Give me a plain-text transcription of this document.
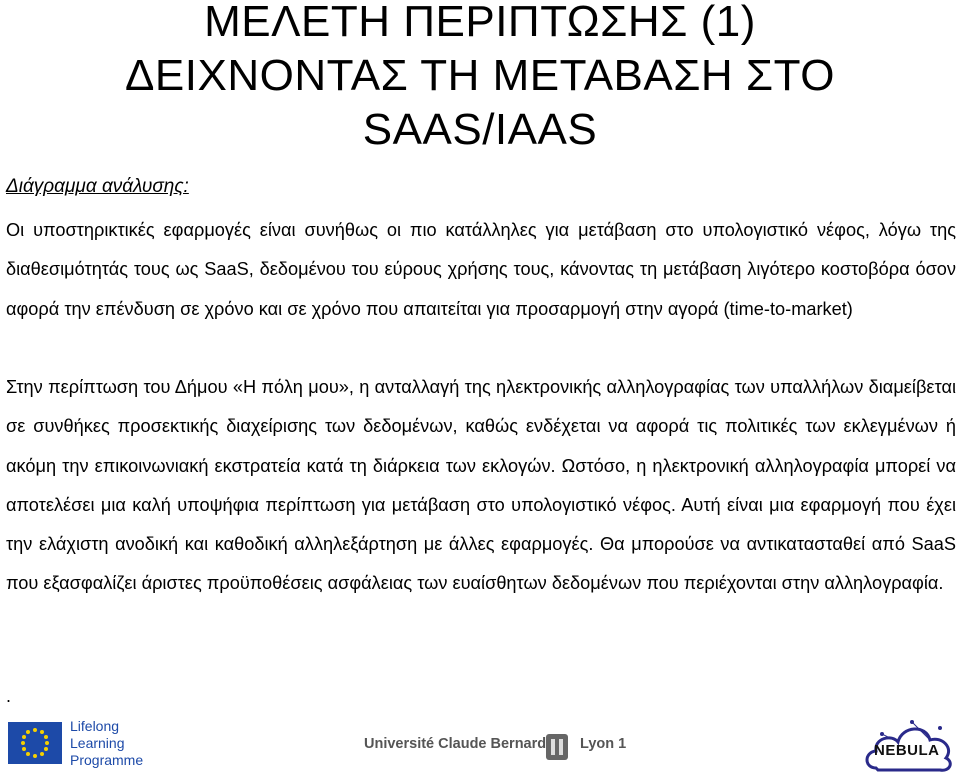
ΜΕΛΕΤΗ ΠΕΡΙΠΤΩΣΗΣ (1)
ΔΕΙΧΝΟΝΤΑΣ ΤΗ ΜΕΤΑΒΑΣΗ ΣΤΟ
SAAS/IAAS
Διάγραμμα ανάλυσης:

Οι υποστηρικτικές εφαρμογές είναι συνήθως οι πιο κατάλληλες για μετάβαση στο υπολογιστικό νέφος, λόγω της διαθεσιμότητάς τους ως SaaS, δεδομένου του εύρους χρήσης τους, κάνοντας τη μετάβαση λιγότερο κοστοβόρα όσον αφορά την επένδυση σε χρόνο και σε χρόνο που απαιτείται για προσαρμογή στην αγορά (time-to-market)

Στην περίπτωση του Δήμου «Η πόλη μου», η ανταλλαγή της ηλεκτρονικής αλληλογραφίας των υπαλλήλων διαμείβεται σε συνθήκες προσεκτικής διαχείρισης των δεδομένων, καθώς ενδέχεται να αφορά τις πολιτικές των εκλεγμένων ή ακόμη την επικοινωνιακή εκστρατεία κατά τη διάρκεια των εκλογών. Ωστόσο, η ηλεκτρονική αλληλογραφία μπορεί να αποτελέσει μια καλή υποψήφια περίπτωση για μετάβαση στο υπολογιστικό νέφος. Αυτή είναι μια εφαρμογή που έχει την ελάχιστη ανοδική και καθοδική αλληλεξάρτηση με άλλες εφαρμογές. Θα μπορούσε να αντικατασταθεί από SaaS που εξασφαλίζει άριστες προϋποθέσεις ασφάλειας των ευαίσθητων δεδομένων που περιέχονται στην αλληλογραφία.

.
Lifelong
Learning
Programme
Université Claude Bernard Lyon 1	NEBULA
